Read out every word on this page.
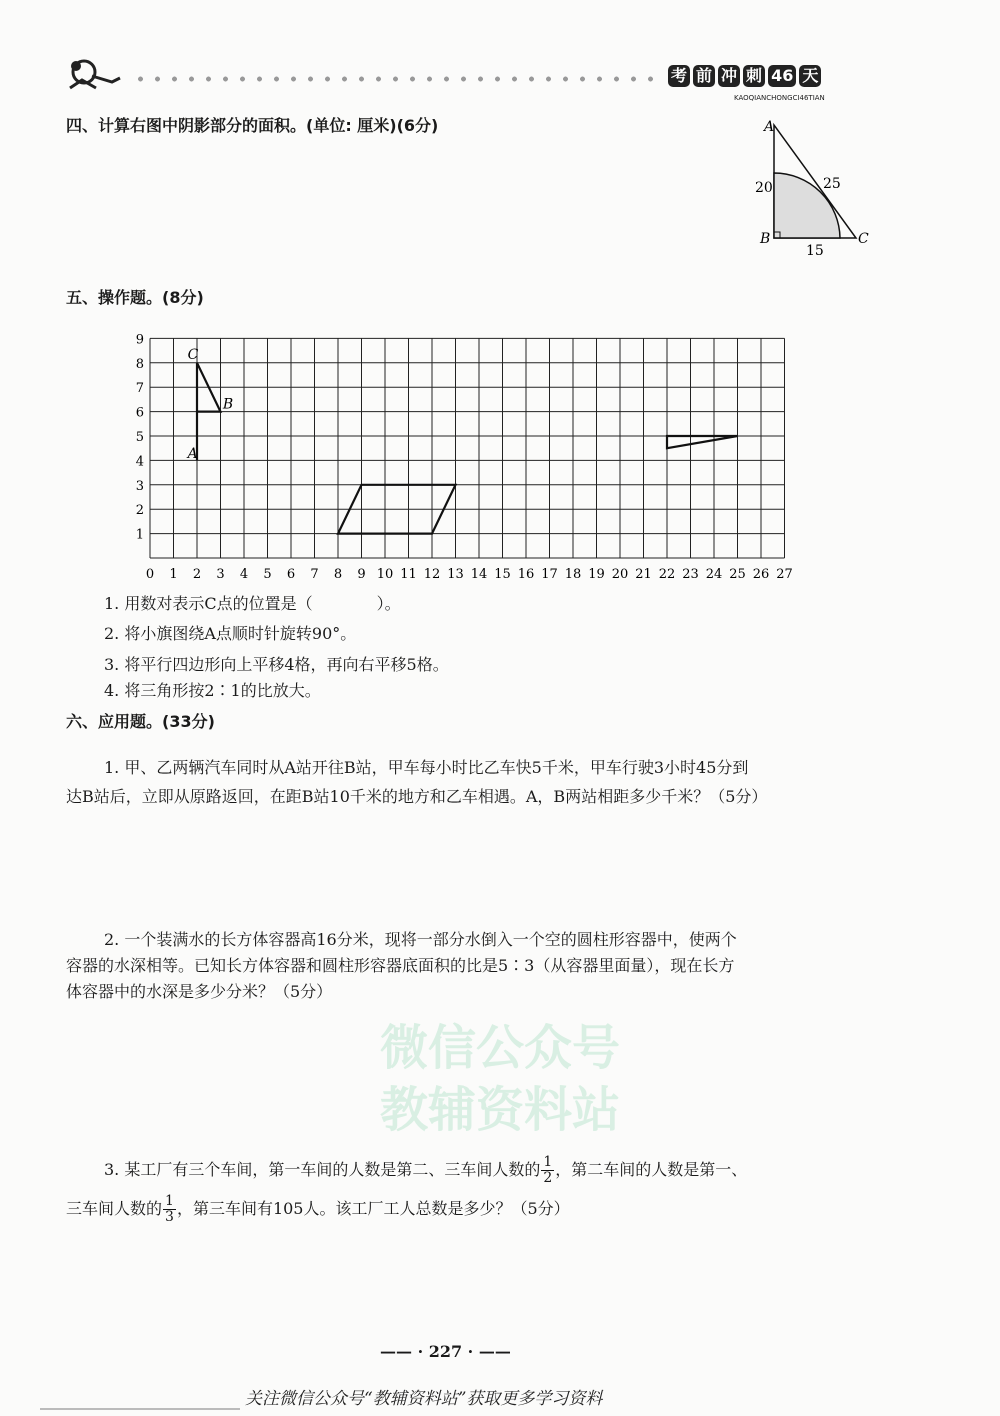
考 前 冲 刺 46 天
KAOQIANCHONGCI46TIAN
微信公众号
教辅资料站
四、计算右图中阴影部分的面积。(单位: 厘米)(6分)	A
B	C
20	25
15
五、操作题。(8分)
0 1 2 3 4 5 6 7 8 9 10 11 12 13 14 15 16 17 18 19 20 21 22 23 24 25 26 27
1
2
3
4
5
6
7
8
9
A
B
C
1. 用数对表示C点的位置是（　　　　）。
2. 将小旗图绕A点顺时针旋转90°。
3. 将平行四边形向上平移4格，再向右平移5格。
4. 将三角形按2∶1的比放大。
六、应用题。(33分)
1. 甲、乙两辆汽车同时从A站开往B站，甲车每小时比乙车快5千米，甲车行驶3小时45分到
达B站后，立即从原路返回，在距B站10千米的地方和乙车相遇。A，B两站相距多少千米？（5分）
2. 一个装满水的长方体容器高16分米，现将一部分水倒入一个空的圆柱形容器中，使两个
容器的水深相等。已知长方体容器和圆柱形容器底面积的比是5∶3（从容器里面量），现在长方
体容器中的水深是多少分米？（5分）
3. 某工厂有三个车间，第一车间的人数是第二、三车间人数的 $\frac{1}{2}$ ，第二车间的人数是第一、
三车间人数的 $\frac{1}{3}$ ，第三车间有105人。该工厂工人总数是多少？（5分）
—— · 227 · ——
关注微信公众号“教辅资料站”获取更多学习资料
